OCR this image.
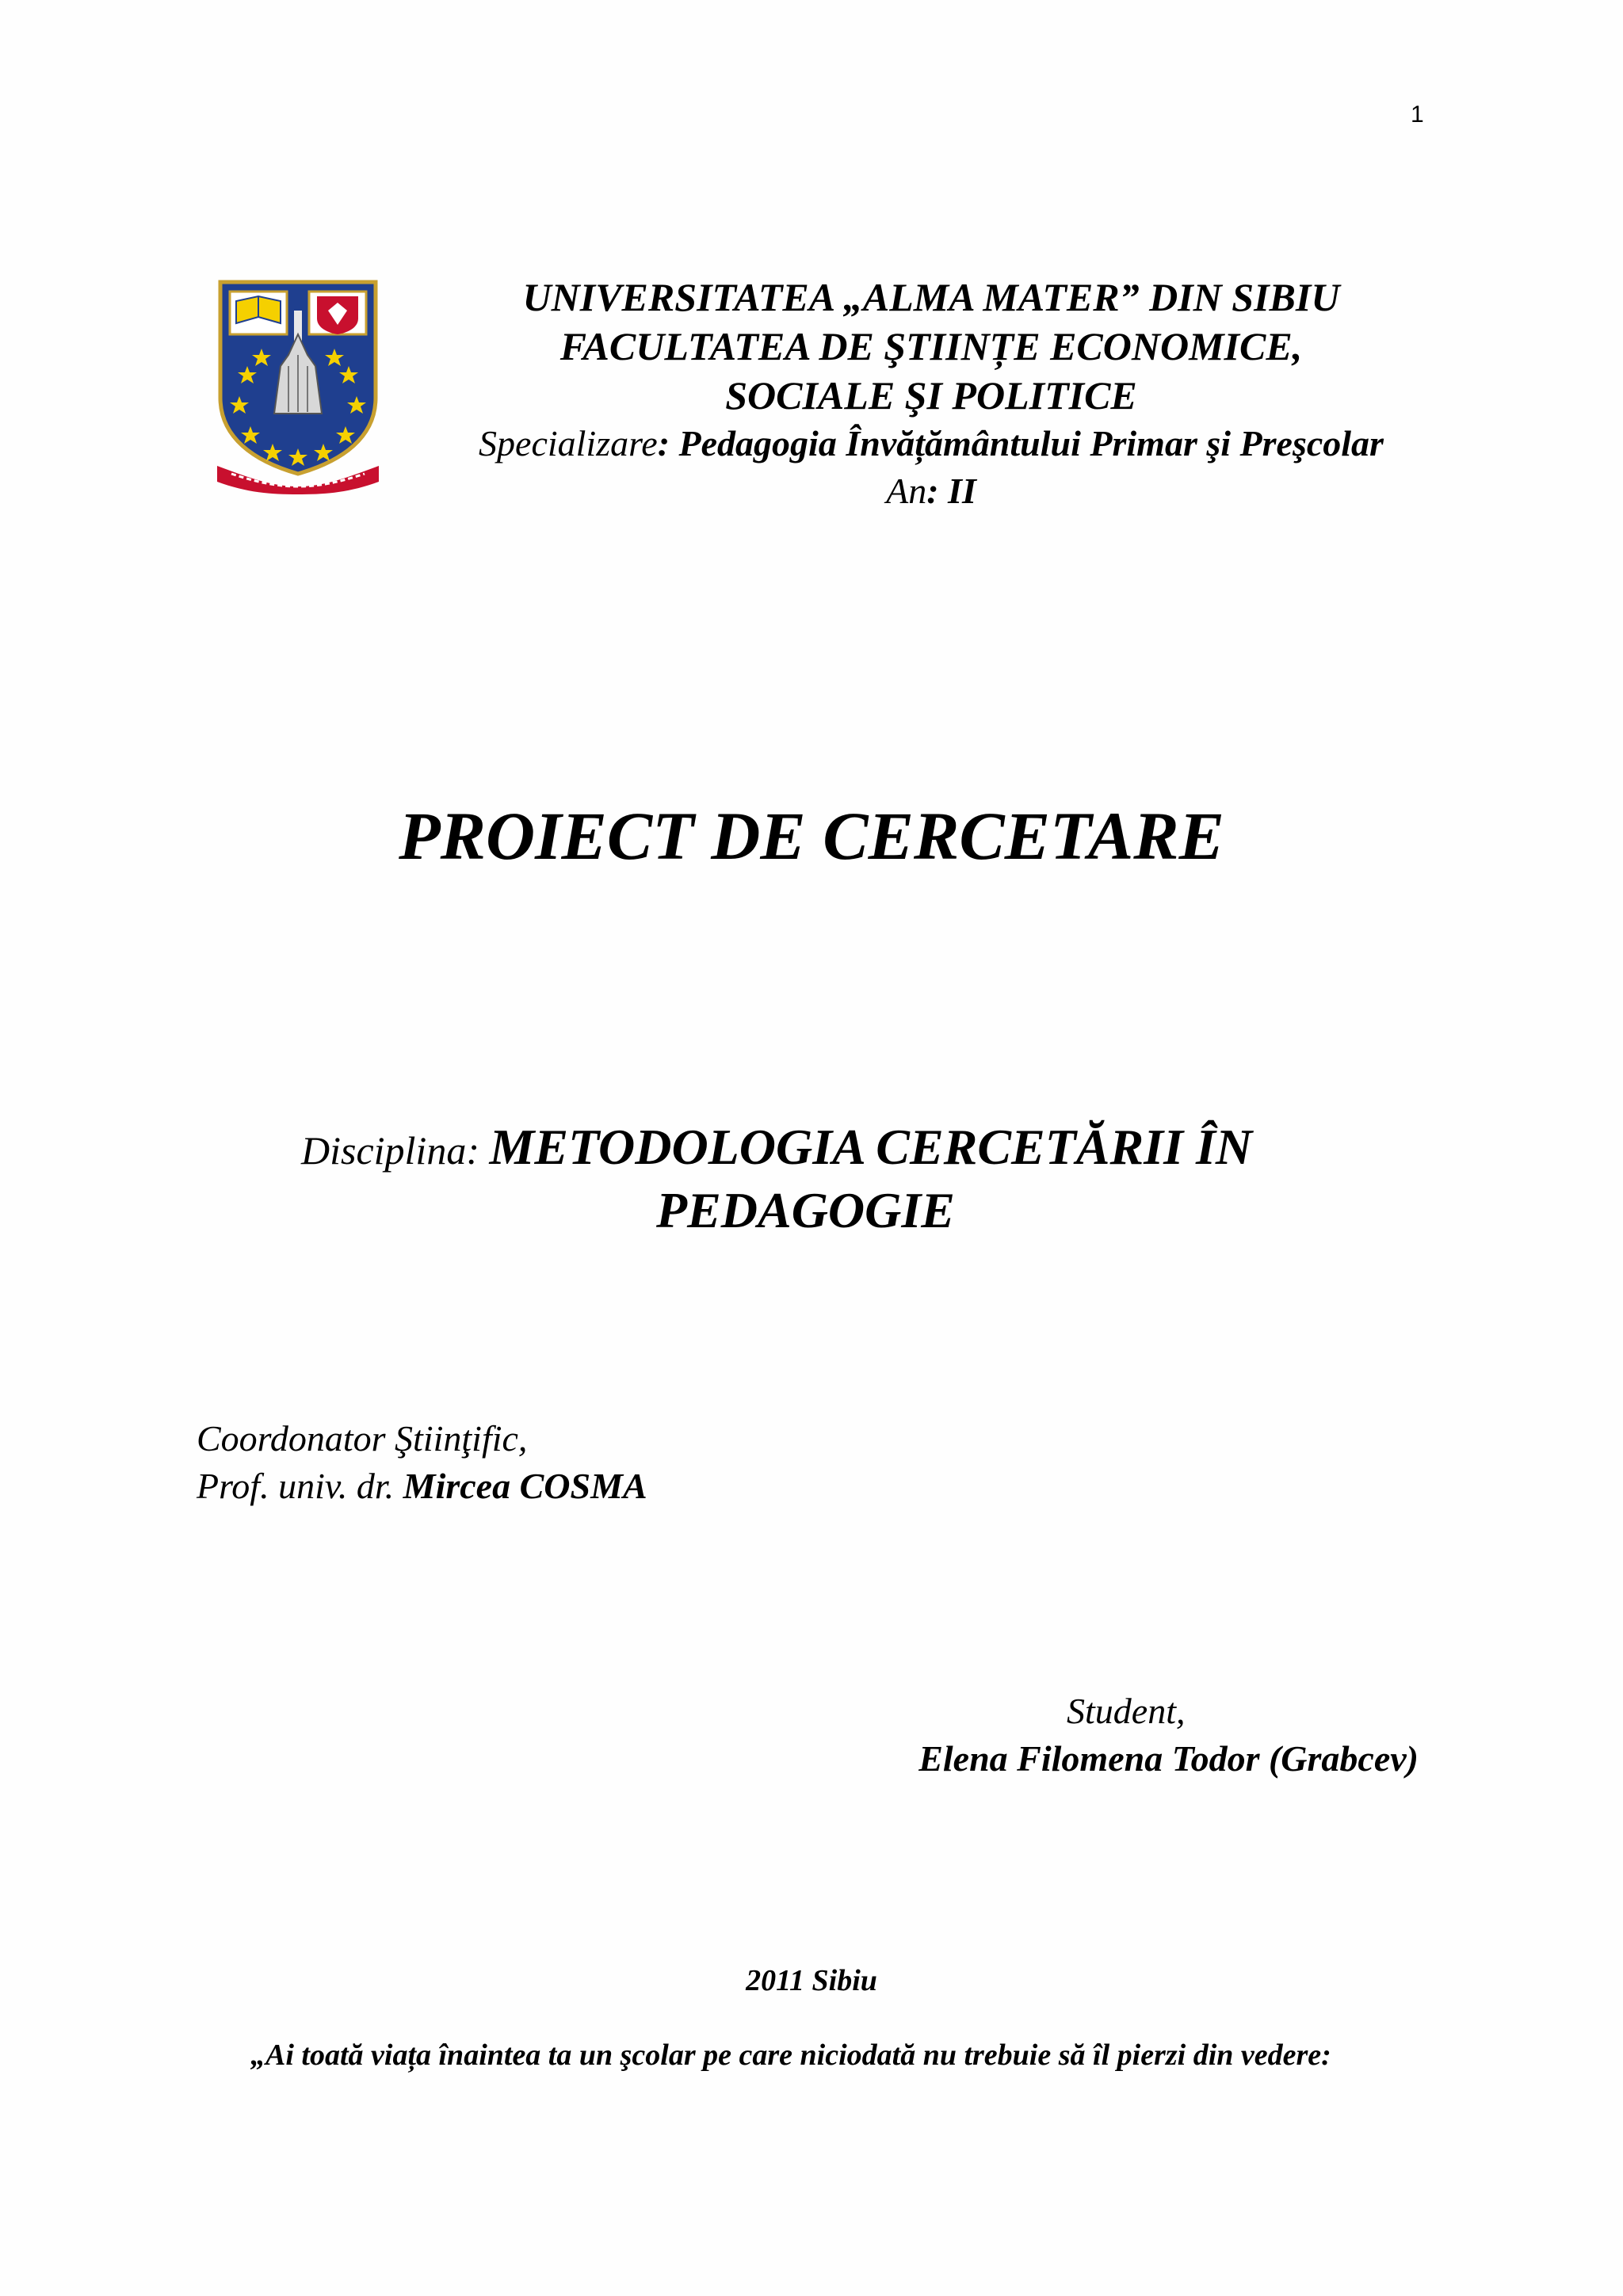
1
UNIVERSITATEA „ALMA MATER” DIN SIBIU
FACULTATEA DE ŞTIINȚE ECONOMICE,
SOCIALE ŞI POLITICE
Specializare: Pedagogia Învățământului Primar şi Preşcolar
An: II
PROIECT DE CERCETARE
Disciplina: METODOLOGIA CERCETĂRII ÎN
PEDAGOGIE
Coordonator Ştiinţific,
Prof. univ. dr. Mircea COSMA
Student,
Elena Filomena Todor (Grabcev)
2011 Sibiu
„Ai toată viața înaintea ta un şcolar pe care niciodată nu trebuie să îl pierzi din vedere:
